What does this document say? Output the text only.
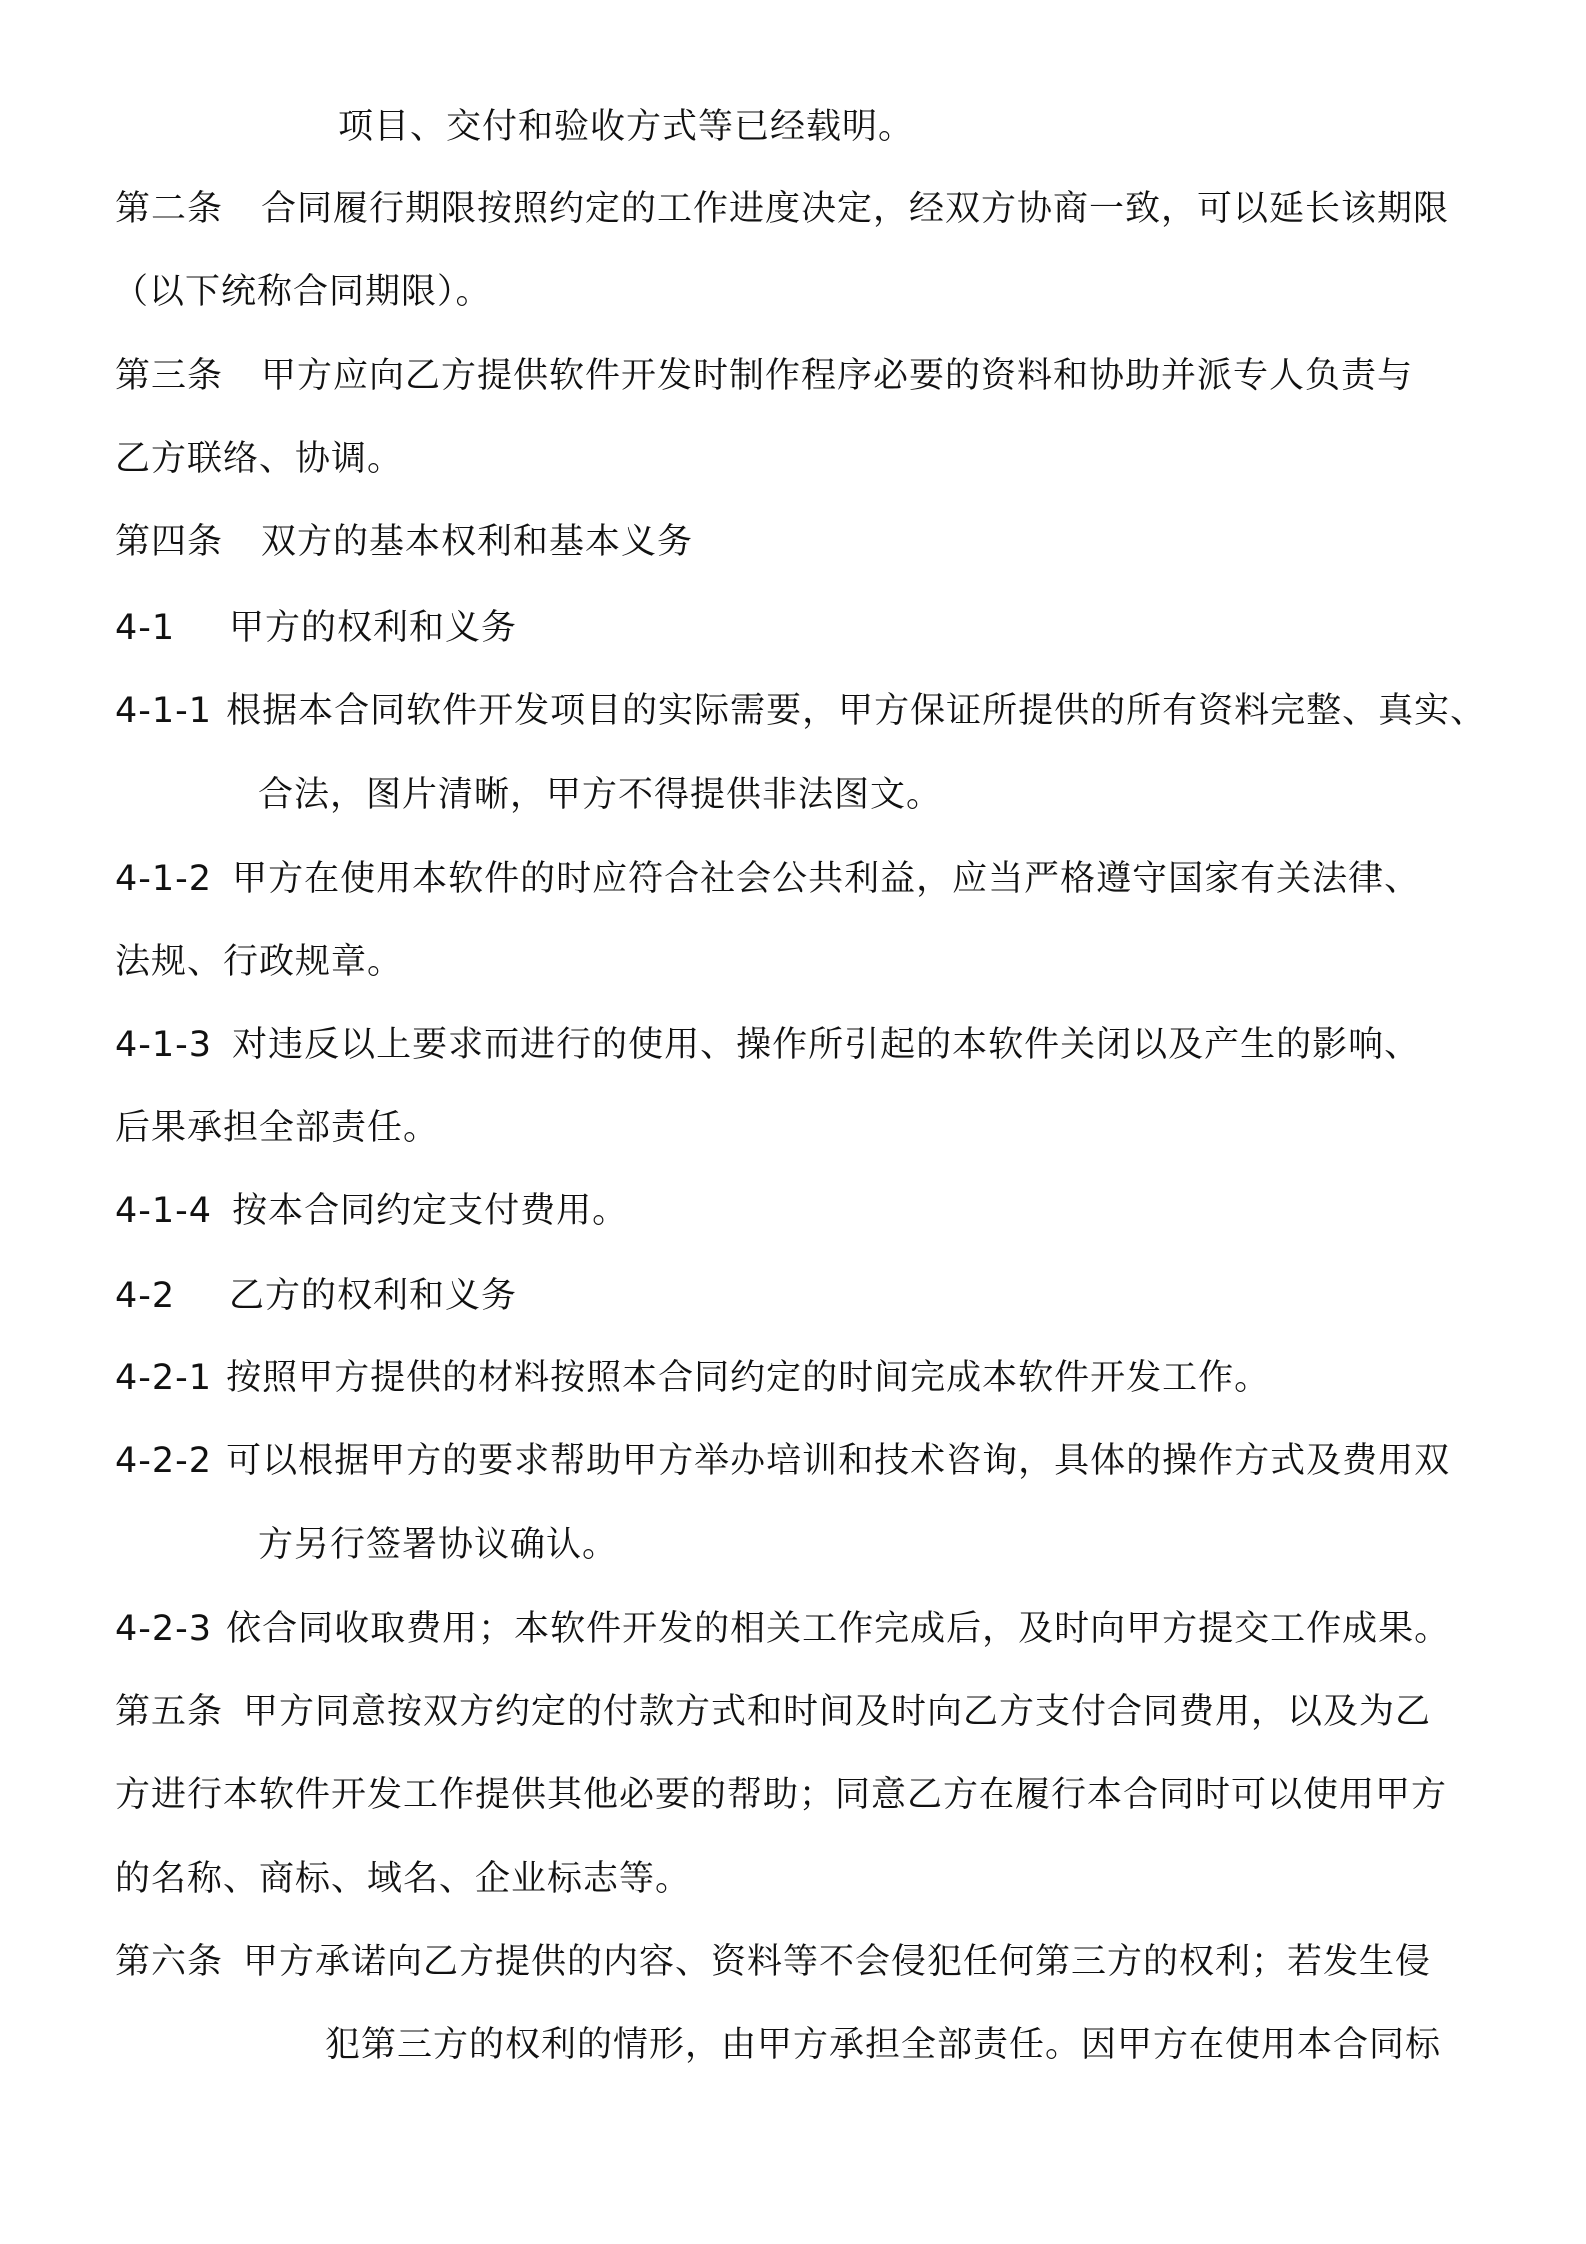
项目、交付和验收方式等已经载明。
第二条 合同履行期限按照约定的工作进度决定，经双方协商一致，可以延长该期限
（以下统称合同期限）。
第三条 甲方应向乙方提供软件开发时制作程序必要的资料和协助并派专人负责与
乙方联络、协调。
第四条 双方的基本权利和基本义务
4-1 甲方的权利和义务
4-1-1 根据本合同软件开发项目的实际需要，甲方保证所提供的所有资料完整、真实、
合法，图片清晰，甲方不得提供非法图文。
4-1-2 甲方在使用本软件的时应符合社会公共利益，应当严格遵守国家有关法律、
法规、行政规章。
4-1-3 对违反以上要求而进行的使用、操作所引起的本软件关闭以及产生的影响、
后果承担全部责任。
4-1-4 按本合同约定支付费用。
4-2 乙方的权利和义务
4-2-1 按照甲方提供的材料按照本合同约定的时间完成本软件开发工作。
4-2-2 可以根据甲方的要求帮助甲方举办培训和技术咨询，具体的操作方式及费用双
方另行签署协议确认。
4-2-3 依合同收取费用；本软件开发的相关工作完成后，及时向甲方提交工作成果。
第五条 甲方同意按双方约定的付款方式和时间及时向乙方支付合同费用，以及为乙
方进行本软件开发工作提供其他必要的帮助；同意乙方在履行本合同时可以使用甲方
的名称、商标、域名、企业标志等。
第六条 甲方承诺向乙方提供的内容、资料等不会侵犯任何第三方的权利；若发生侵
犯第三方的权利的情形，由甲方承担全部责任。因甲方在使用本合同标
